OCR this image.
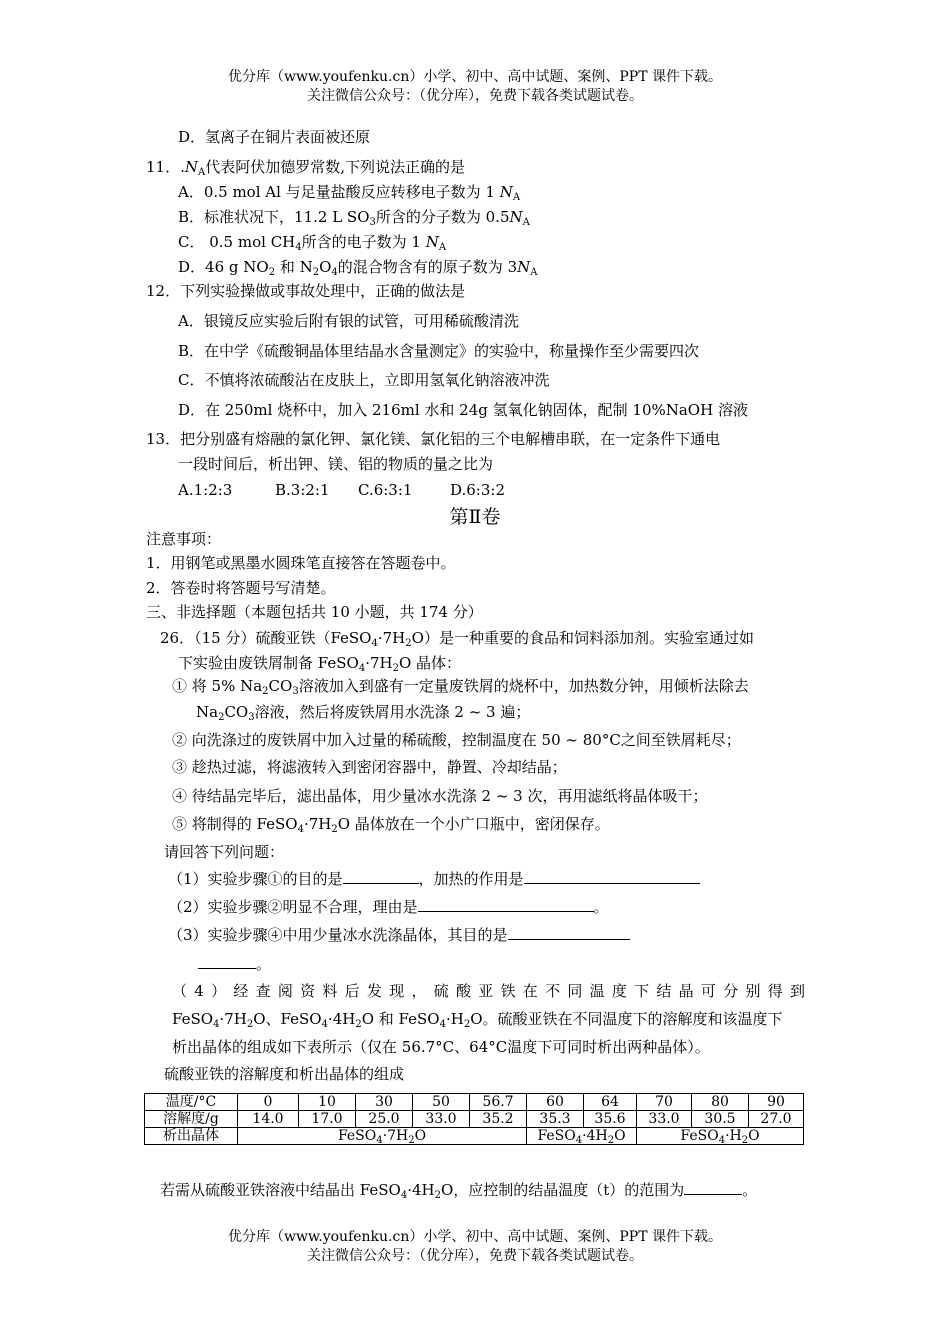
优分库（www.youfenku.cn）小学、初中、高中试题、案例、PPT 课件下载。
关注微信公众号：（优分库），免费下载各类试题试卷。
D．氢离子在铜片表面被还原
11．$.N_A$代表阿伏加德罗常数,下列说法正确的是
A．0.5 mol Al 与足量盐酸反应转移电子数为 1 $N_A$
B．标准状况下，11.2 L $SO_3$所含的分子数为 $0.5N_A$
C． 0.5 mol $CH_4$所含的电子数为 1 $N_A$
D．46 g $NO_2$ 和 $N_2O_4$的混合物含有的原子数为 $3N_A$
12．下列实验操做或事故处理中，正确的做法是
A．银镜反应实验后附有银的试管，可用稀硫酸清洗
B．在中学《硫酸铜晶体里结晶水含量测定》的实验中，称量操作至少需要四次
C．不慎将浓硫酸沾在皮肤上，立即用氢氧化钠溶液冲洗
D．在 250ml 烧杯中，加入 216ml 水和 24g 氢氧化钠固体，配制 10%NaOH 溶液
13．把分别盛有熔融的氯化钾、氯化镁、氯化铝的三个电解槽串联，在一定条件下通电
一段时间后，析出钾、镁、铝的物质的量之比为
A.1:2:3	B.3:2:1 C.6:3:1	D.6:3:2
第Ⅱ卷
注意事项：
1．用钢笔或黑墨水圆珠笔直接答在答题卷中。
2．答卷时将答题号写清楚。
三、非选择题（本题包括共 10 小题，共 174 分）
26．（15 分）硫酸亚铁$(FeSO_4\cdot 7H_2O)$是一种重要的食品和饲料添加剂。实验室通过如
下实验由废铁屑制备 $FeSO_4\cdot 7H_2O$ 晶体：
① 将 5% $Na_2CO_3$溶液加入到盛有一定量废铁屑的烧杯中，加热数分钟，用倾析法除去
$Na_2CO_3$溶液，然后将废铁屑用水洗涤 2 ~ 3 遍；
② 向洗涤过的废铁屑中加入过量的稀硫酸，控制温度在 50 ~ 80°C之间至铁屑耗尽；
③ 趁热过滤，将滤液转入到密闭容器中，静置、冷却结晶；
④ 待结晶完毕后，滤出晶体，用少量冰水洗涤 2 ~ 3 次，再用滤纸将晶体吸干；
⑤ 将制得的 $FeSO_4\cdot 7H_2O$ 晶体放在一个小广口瓶中，密闭保存。
请回答下列问题：
（1）实验步骤①的目的是	，加热的作用是
（2）实验步骤②明显不合理，理由是	。
（3）实验步骤④中用少量冰水洗涤晶体，其目的是
。
（4）经查阅资料后发现，硫酸亚铁在不同温度下结晶可分别得到
$FeSO_4\cdot 7H_2O$、$FeSO_4\cdot 4H_2O$ 和 $FeSO_4\cdot H_2O$。硫酸亚铁在不同温度下的溶解度和该温度下
析出晶体的组成如下表所示（仅在 56.7°C、64°C温度下可同时析出两种晶体）。
硫酸亚铁的溶解度和析出晶体的组成
温度/°C	0	10	30	50	56.7	60	64	70	80	90
溶解度/g	14.0	17.0	25.0	33.0	35.2	35.3	35.6	33.0	30.5	27.0
析出晶体	$FeSO_4\cdot 7H_2O$					$FeSO_4\cdot 4H_2O$		$FeSO_4\cdot H_2O$		
若需从硫酸亚铁溶液中结晶出 $FeSO_4\cdot 4H_2O$，应控制的结晶温度（t）的范围为	。
优分库（www.youfenku.cn）小学、初中、高中试题、案例、PPT 课件下载。
关注微信公众号：（优分库），免费下载各类试题试卷。
